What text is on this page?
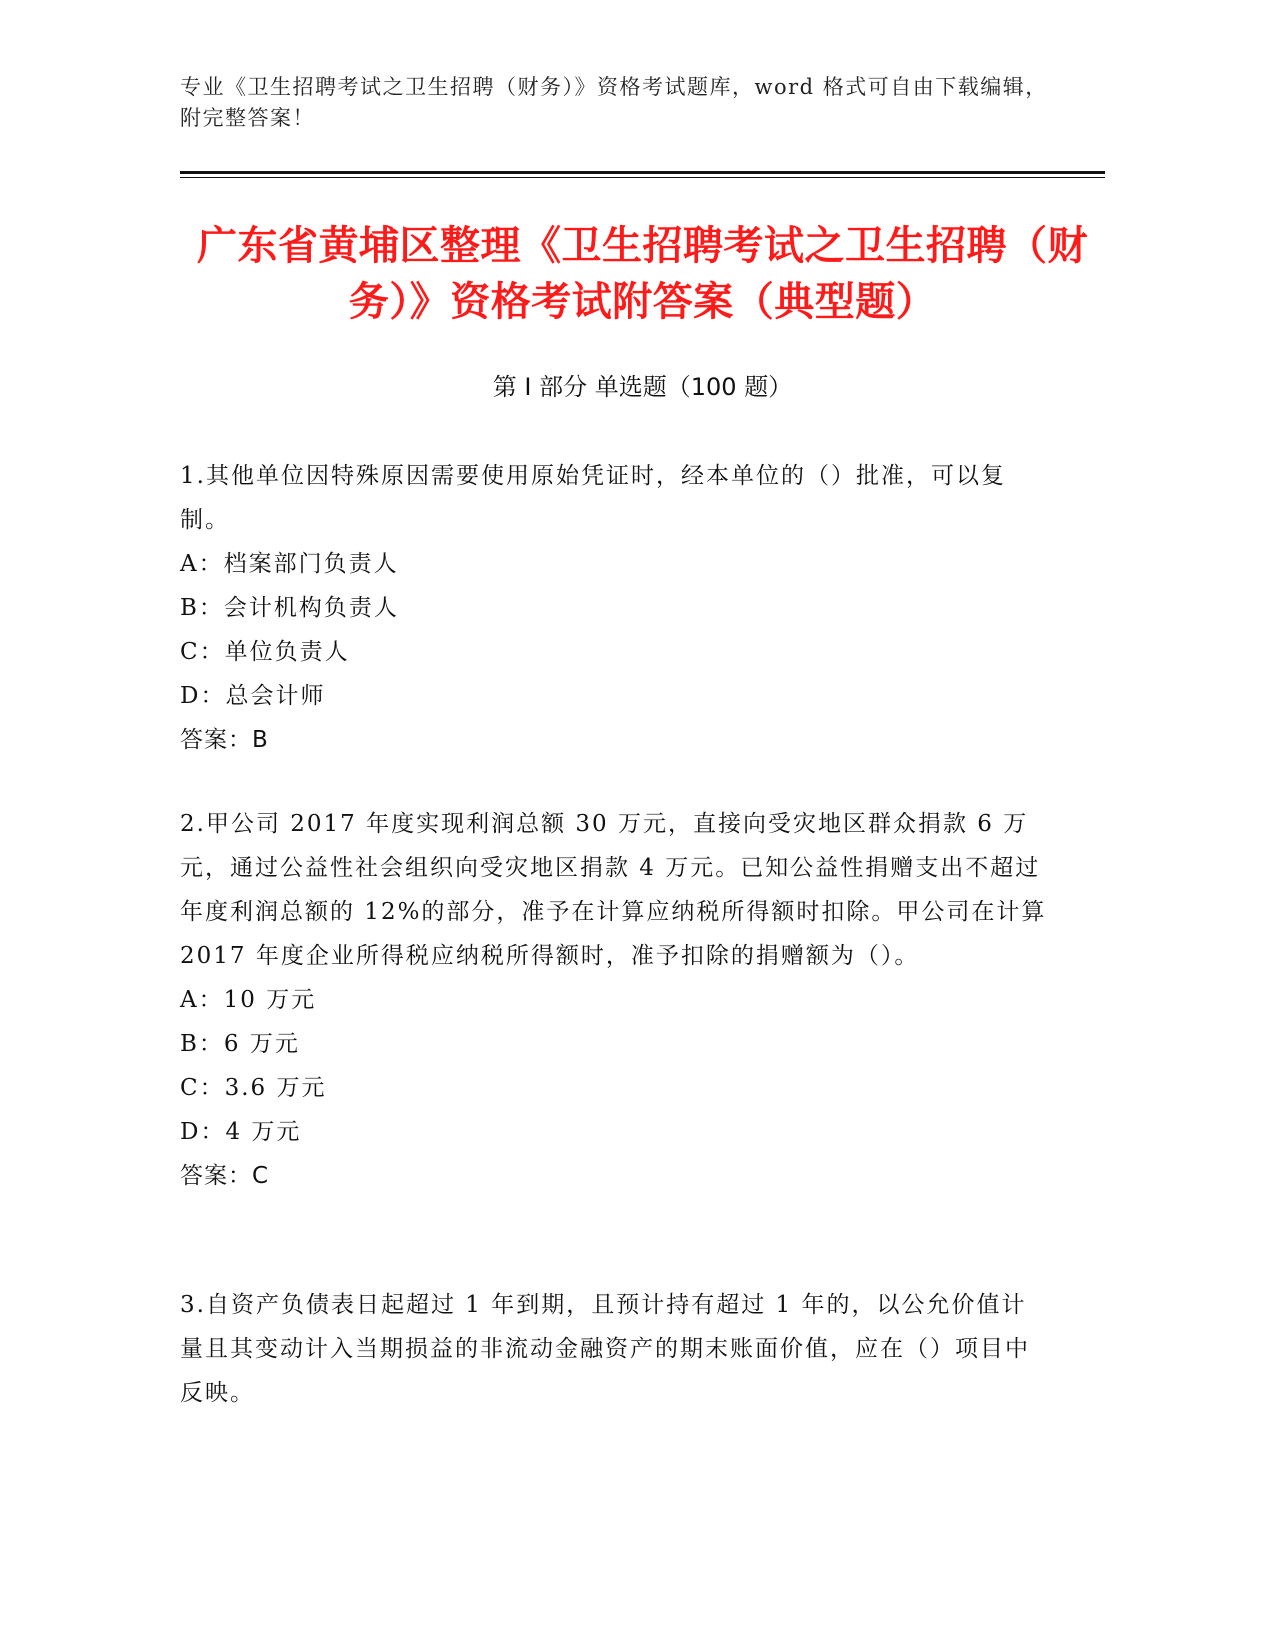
专业《卫生招聘考试之卫生招聘（财务）》资格考试题库，word 格式可自由下载编辑，附完整答案！
广东省黄埔区整理《卫生招聘考试之卫生招聘（财务）》资格考试附答案（典型题）
第 I 部分 单选题（100 题）

1.其他单位因特殊原因需要使用原始凭证时，经本单位的（）批准，可以复制。

A：档案部门负责人

B：会计机构负责人

C：单位负责人

D：总会计师

答案：B

2.甲公司 2017 年度实现利润总额 30 万元，直接向受灾地区群众捐款 6 万元，通过公益性社会组织向受灾地区捐款 4 万元。已知公益性捐赠支出不超过年度利润总额的 12%的部分，准予在计算应纳税所得额时扣除。甲公司在计算 2017 年度企业所得税应纳税所得额时，准予扣除的捐赠额为（）。

A：10 万元

B：6 万元

C：3.6 万元

D：4 万元

答案：C

3.自资产负债表日起超过 1 年到期，且预计持有超过 1 年的，以公允价值计量且其变动计入当期损益的非流动金融资产的期末账面价值，应在（）项目中反映。
